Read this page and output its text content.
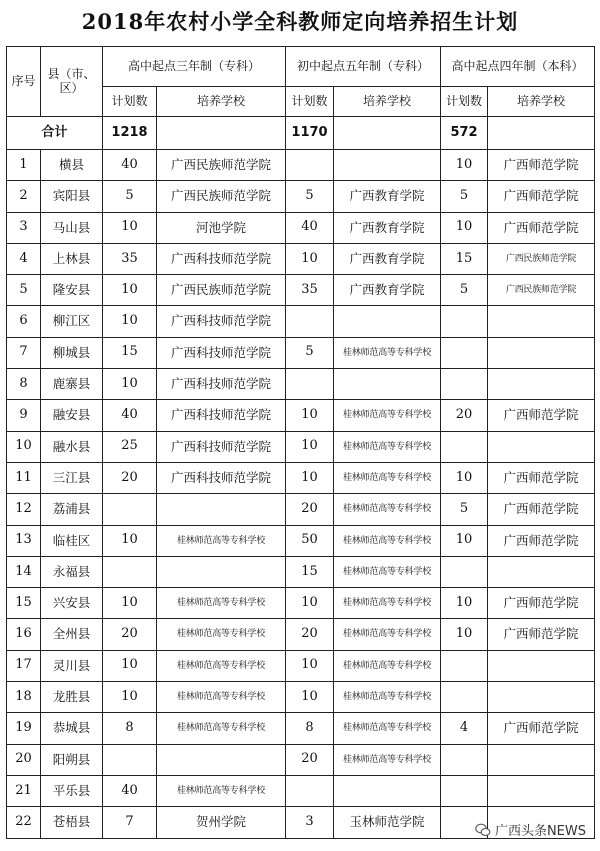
2018年农村小学全科教师定向培养招生计划
序号	县（市、区）	高中起点三年制（专科）		初中起点五年制（专科）		高中起点四年制（本科）	
		计划数	培养学校	计划数	培养学校	计划数	培养学校
合计		1218		1170		572	
1	横县	40	广西民族师范学院			10	广西师范学院
2	宾阳县	5	广西民族师范学院	5	广西教育学院	5	广西师范学院
3	马山县	10	河池学院	40	广西教育学院	10	广西师范学院
4	上林县	35	广西科技师范学院	10	广西教育学院	15	广西民族师范学院
5	隆安县	10	广西民族师范学院	35	广西教育学院	5	广西民族师范学院
6	柳江区	10	广西科技师范学院				
7	柳城县	15	广西科技师范学院	5	桂林师范高等专科学校		
8	鹿寨县	10	广西科技师范学院				
9	融安县	40	广西科技师范学院	10	桂林师范高等专科学校	20	广西师范学院
10	融水县	25	广西科技师范学院	10	桂林师范高等专科学校		
11	三江县	20	广西科技师范学院	10	桂林师范高等专科学校	10	广西师范学院
12	荔浦县			20	桂林师范高等专科学校	5	广西师范学院
13	临桂区	10	桂林师范高等专科学校	50	桂林师范高等专科学校	10	广西师范学院
14	永福县			15	桂林师范高等专科学校		
15	兴安县	10	桂林师范高等专科学校	10	桂林师范高等专科学校	10	广西师范学院
16	全州县	20	桂林师范高等专科学校	20	桂林师范高等专科学校	10	广西师范学院
17	灵川县	10	桂林师范高等专科学校	10	桂林师范高等专科学校		
18	龙胜县	10	桂林师范高等专科学校	10	桂林师范高等专科学校		
19	恭城县	8	桂林师范高等专科学校	8	桂林师范高等专科学校	4	广西师范学院
20	阳朔县			20	桂林师范高等专科学校		
21	平乐县	40	桂林师范高等专科学校				
22	苍梧县	7	贺州学院	3	玉林师范学院		
广西头条NEWS
